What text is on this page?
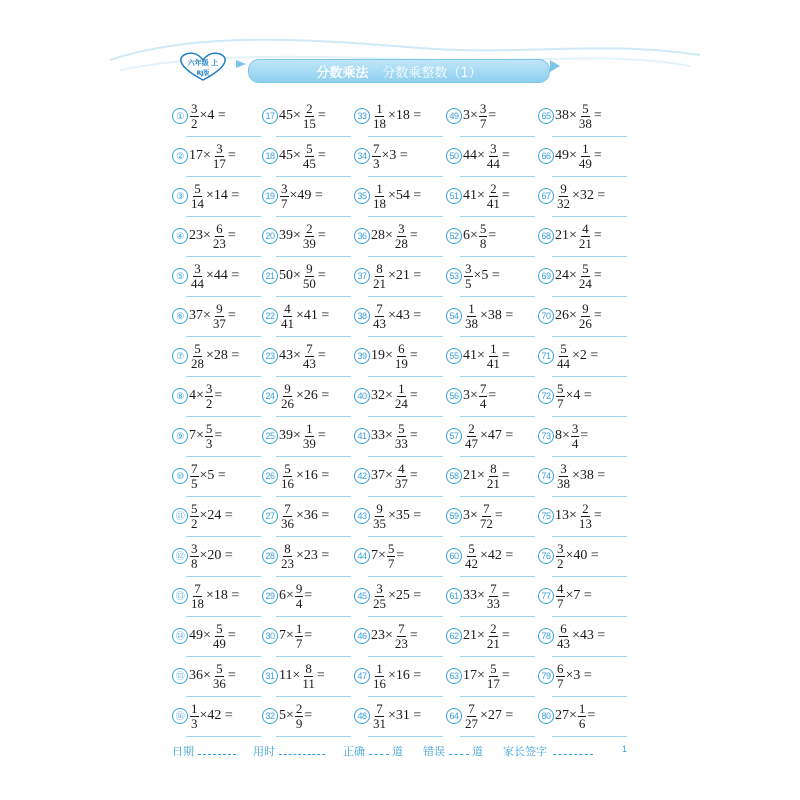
六年级 上
RJ版	分数乘法 分数乘整数（1）
① $\frac{3}{2} \times 4$ =
② $17\times \frac{3}{17}$ =
③ $\frac{5}{14} \times 14$ =
④ $23\times \frac{6}{23}$ =
⑤ $\frac{3}{44} \times 44$ =
⑥ $37\times \frac{9}{37}$ =
⑦ $\frac{5}{28} \times 28$ =
⑧ $4\times \frac{3}{2}$ =
⑨ $7\times \frac{5}{3}$ =
⑩ $\frac{7}{5} \times 5$ =
⑪ $\frac{5}{2} \times 24$ =
⑫ $\frac{3}{8} \times 20$ =
⑬ $\frac{7}{18} \times 18$ =
⑭ $49\times \frac{5}{49}$ =
⑮ $36\times \frac{5}{36}$ =
⑯ $\frac{1}{3} \times 42$ =
17 $45\times \frac{2}{15}$ =
18 $45\times \frac{5}{45}$ =
$19 \frac{3}{7} \times 49$ =
20 $39\times \frac{2}{39}$ =
21 $50\times \frac{9}{50}$ =
$22 \frac{4}{41} \times 41$ =
23 $43\times \frac{7}{43}$ =
$24 \frac{9}{26} \times 26$ =
25 $39\times \frac{1}{39}$ =
$26 \frac{5}{16} \times 16$ =
$27 \frac{7}{36} \times 36$ =
$28 \frac{8}{23} \times 23$ =
29 $6\times \frac{9}{4}$ =
30 $7\times \frac{1}{7}$ =
31 $11\times \frac{8}{11}$ =
32 $5\times \frac{2}{9}$ =
$33 \frac{1}{18} \times 18$ =
$34 \frac{7}{3} \times 3$ =
$35 \frac{1}{18} \times 54$ =
36 $28\times \frac{3}{28}$ =
$37 \frac{8}{21} \times 21$ =
$38 \frac{7}{43} \times 43$ =
39 $19\times \frac{6}{19}$ =
40 $32\times \frac{1}{24}$ =
41 $33\times \frac{5}{33}$ =
42 $37\times \frac{4}{37}$ =
$43 \frac{9}{35} \times 35$ =
44 $7\times \frac{5}{7}$ =
$45 \frac{3}{25} \times 25$ =
46 $23\times \frac{7}{23}$ =
$47 \frac{1}{16} \times 16$ =
$48 \frac{7}{31} \times 31$ =
49 $3\times \frac{3}{7}$ =
50 $44\times \frac{3}{44}$ =
51 $41\times \frac{2}{41}$ =
52 $6\times \frac{5}{8}$ =
$53 \frac{3}{5} \times 5$ =
$54 \frac{1}{38} \times 38$ =
55 $41\times \frac{1}{41}$ =
56 $3\times \frac{7}{4}$ =
$57 \frac{2}{47} \times 47$ =
58 $21\times \frac{8}{21}$ =
59 $3\times \frac{7}{72}$ =
$60 \frac{5}{42} \times 42$ =
61 $33\times \frac{7}{33}$ =
62 $21\times \frac{2}{21}$ =
63 $17\times \frac{5}{17}$ =
$64 \frac{7}{27} \times 27$ =
65 $38\times \frac{5}{38}$ =
66 $49\times \frac{1}{49}$ =
$67 \frac{9}{32} \times 32$ =
68 $21\times \frac{4}{21}$ =
69 $24\times \frac{5}{24}$ =
70 $26\times \frac{9}{26}$ =
$71 \frac{5}{44} \times 2$ =
$72 \frac{5}{7} \times 4$ =
73 $8\times \frac{3}{4}$ =
$74 \frac{3}{38} \times 38$ =
75 $13\times \frac{2}{13}$ =
$76 \frac{3}{2} \times 40$ =
$77 \frac{4}{7} \times 7$ =
$78 \frac{6}{43} \times 43$ =
$79 \frac{6}{7} \times 3$ =
80 $27\times \frac{1}{6}$ =
日期	用时	正确 道 错误 道 家长签字	1
